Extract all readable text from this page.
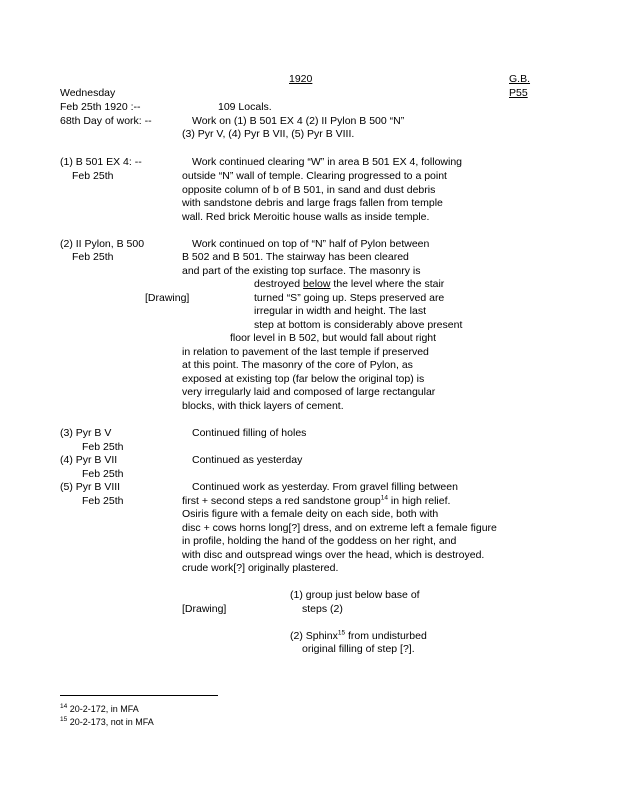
1920	G.B.
P55
Wednesday
Feb 25th 1920 :--	109 Locals.
68th Day of work: --	Work on (1) B 501 EX 4 (2) II Pylon B 500 “N”
(3) Pyr V, (4) Pyr B VII, (5) Pyr B VIII.
(1) B 501 EX 4: --
Feb 25th
Work continued clearing “W” in area B 501 EX 4, following
outside “N” wall of temple. Clearing progressed to a point
opposite column of b of B 501, in sand and dust debris
with sandstone debris and large frags fallen from temple
wall. Red brick Meroitic house walls as inside temple.
(2) II Pylon, B 500
Feb 25th
Work continued on top of “N” half of Pylon between
B 502 and B 501. The stairway has been cleared
and part of the existing top surface. The masonry is
destroyed below the level where the stair
[Drawing]	turned “S” going up. Steps preserved are
irregular in width and height. The last
step at bottom is considerably above present
floor level in B 502, but would fall about right
in relation to pavement of the last temple if preserved
at this point. The masonry of the core of Pylon, as
exposed at existing top (far below the original top) is
very irregularly laid and composed of large rectangular
blocks, with thick layers of cement.
(3) Pyr B V
Feb 25th
Continued filling of holes
(4) Pyr B VII
Feb 25th
Continued as yesterday
(5) Pyr B VIII
Feb 25th
Continued work as yesterday. From gravel filling between
first + second steps a red sandstone group$^{14}$ in high relief.
Osiris figure with a female deity on each side, both with
disc + cows horns long[?] dress, and on extreme left a female figure
in profile, holding the hand of the goddess on her right, and
with disc and outspread wings over the head, which is destroyed.
crude work[?] originally plastered.
(1) group just below base of
steps (2)
[Drawing]
(2) Sphinx$^{15}$ from undisturbed
original filling of step [?].
$^{14}$ 20-2-172, in MFA
$^{15}$ 20-2-173, not in MFA
